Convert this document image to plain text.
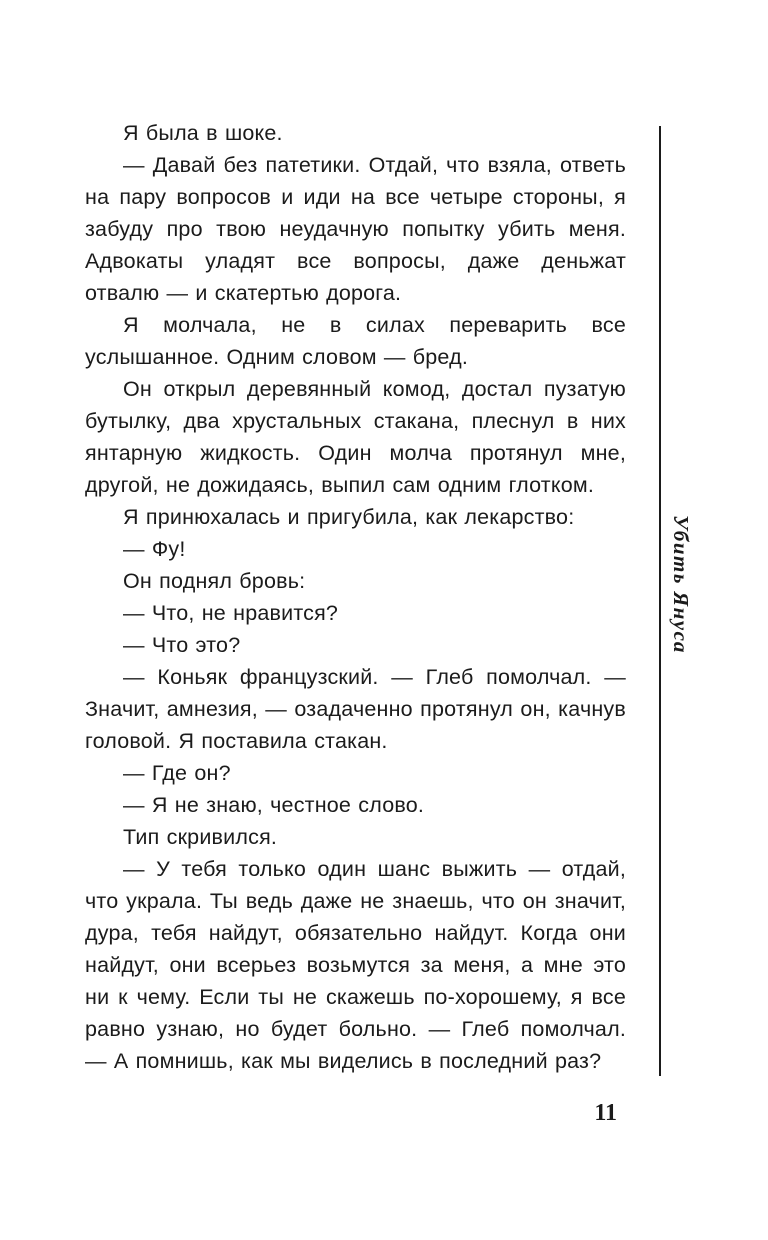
Я была в шоке.

— Давай без патетики. Отдай, что взяла, ответь на пару вопросов и иди на все четыре стороны, я забуду про твою неудачную попытку убить меня. Адвокаты уладят все вопросы, даже деньжат отвалю — и скатертью дорога.

Я молчала, не в силах переварить все услышанное. Одним словом — бред.

Он открыл деревянный комод, достал пузатую бутылку, два хрустальных стакана, плеснул в них янтарную жидкость. Один молча протянул мне, другой, не дожидаясь, выпил сам одним глотком.

Я принюхалась и пригубила, как лекарство:

— Фу!

Он поднял бровь:

— Что, не нравится?

— Что это?

— Коньяк французский. — Глеб помолчал. — Значит, амнезия, — озадаченно протянул он, качнув головой. Я поставила стакан.

— Где он?

— Я не знаю, честное слово.

Тип скривился.

— У тебя только один шанс выжить — отдай, что украла. Ты ведь даже не знаешь, что он значит, дура, тебя найдут, обязательно найдут. Когда они найдут, они всерьез возьмутся за меня, а мне это ни к чему. Если ты не скажешь по-хорошему, я все равно узнаю, но будет больно. — Глеб помолчал. — А помнишь, как мы виделись в последний раз?

Убить Януса
11
